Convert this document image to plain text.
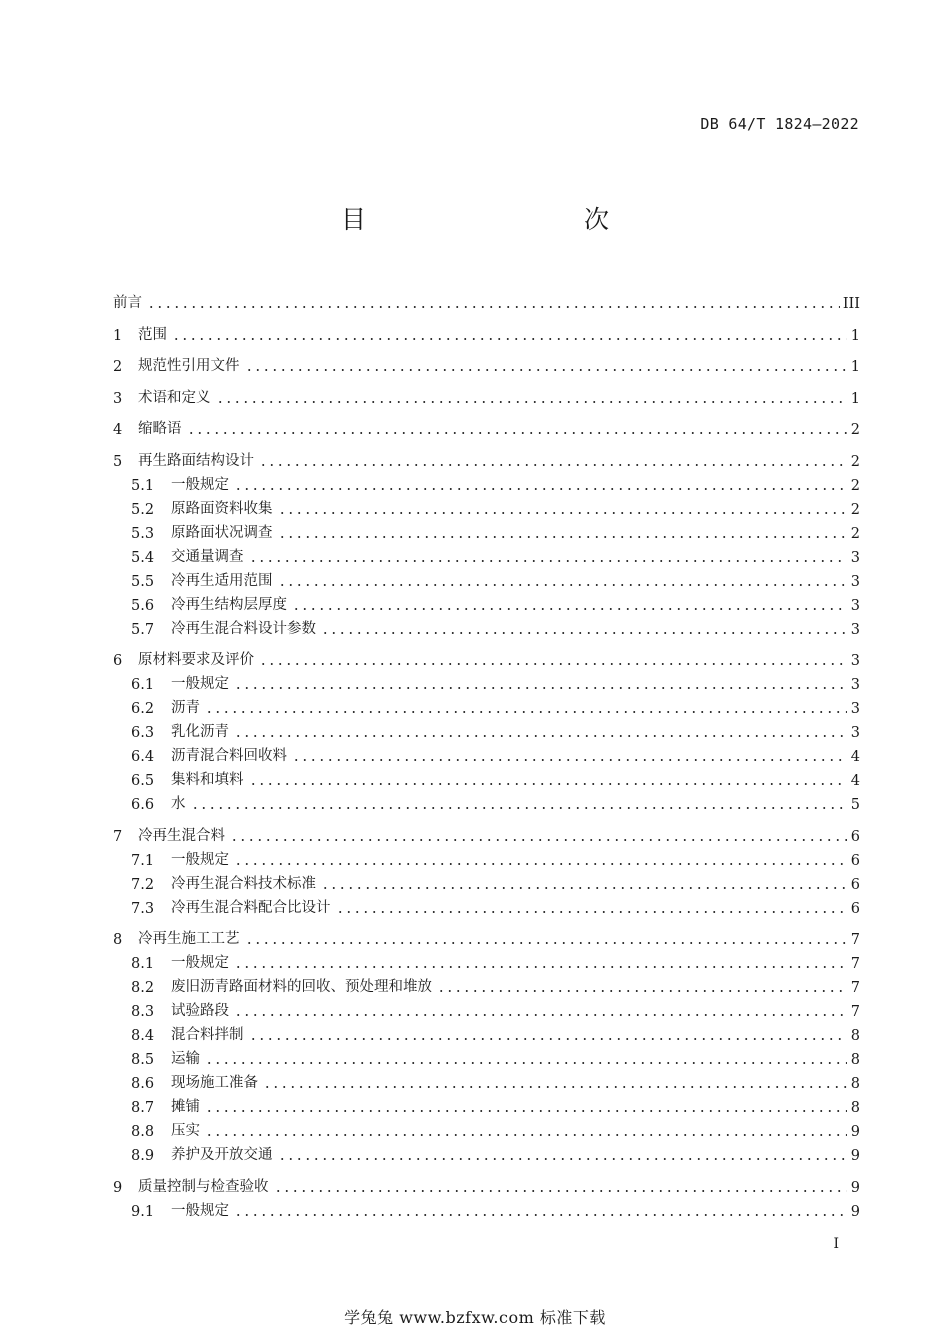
DB 64/T 1824—2022
目　　次
前言	III
1	范围	1
2	规范性引用文件	1
3	术语和定义	1
4	缩略语	2
5	再生路面结构设计	2
5.1	一般规定	2
5.2	原路面资料收集	2
5.3	原路面状况调查	2
5.4	交通量调查	3
5.5	冷再生适用范围	3
5.6	冷再生结构层厚度	3
5.7	冷再生混合料设计参数	3
6	原材料要求及评价	3
6.1	一般规定	3
6.2	沥青	3
6.3	乳化沥青	3
6.4	沥青混合料回收料	4
6.5	集料和填料	4
6.6	水	5
7	冷再生混合料	6
7.1	一般规定	6
7.2	冷再生混合料技术标准	6
7.3	冷再生混合料配合比设计	6
8	冷再生施工工艺	7
8.1	一般规定	7
8.2	废旧沥青路面材料的回收、预处理和堆放	7
8.3	试验路段	7
8.4	混合料拌制	8
8.5	运输	8
8.6	现场施工准备	8
8.7	摊铺	8
8.8	压实	9
8.9	养护及开放交通	9
9	质量控制与检查验收	9
9.1	一般规定	9
I
学兔兔 www.bzfxw.com 标准下载
